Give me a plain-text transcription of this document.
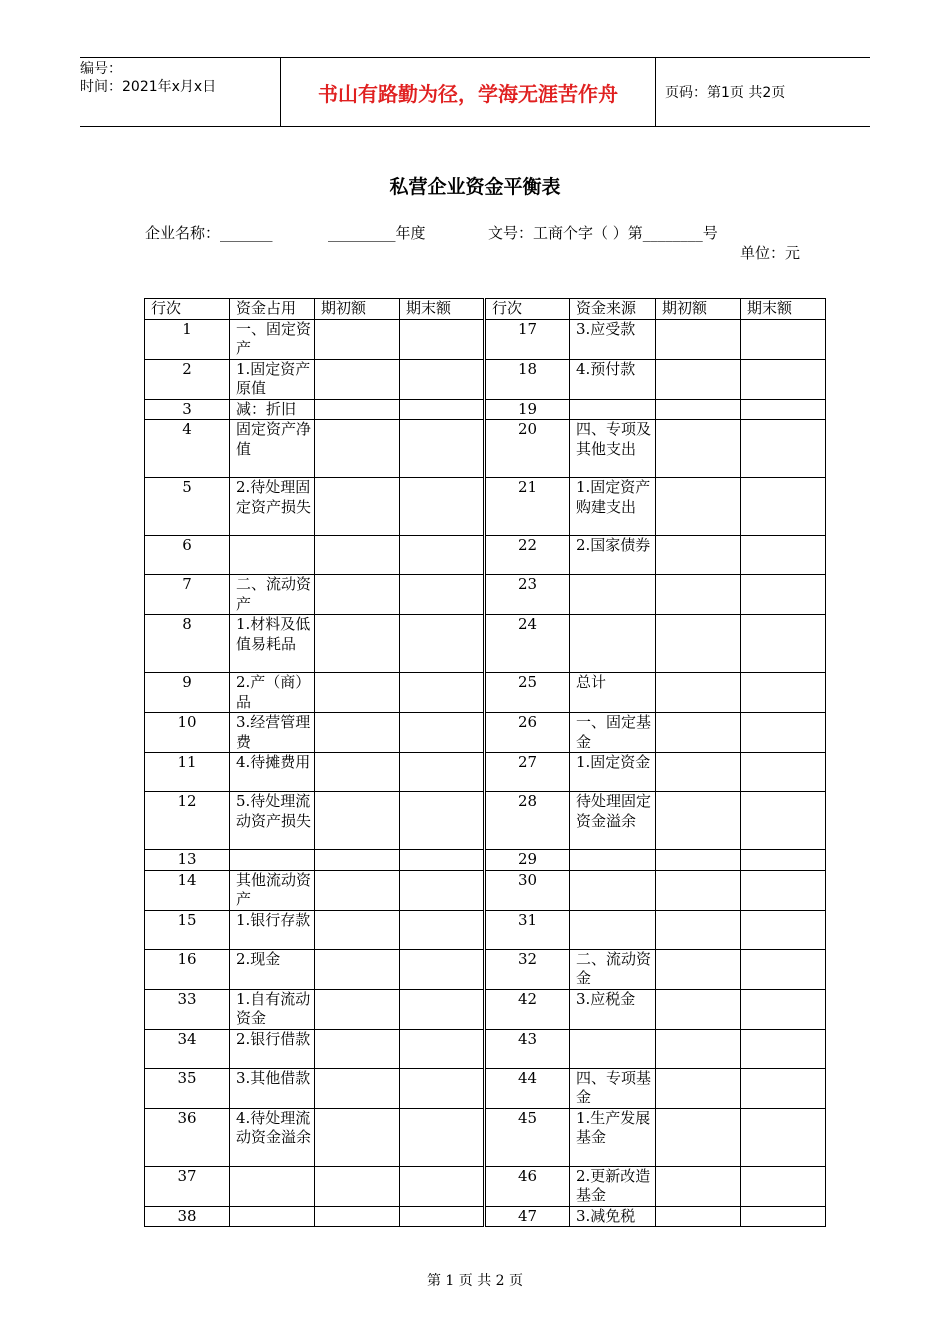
编号：
时间：2021年x月x日	书山有路勤为径，学海无涯苦作舟	页码：第1页 共2页
私营企业资金平衡表
企业名称：_______	_________年度	文号：工商个字（ ）第________号
单位：元
行次	资金占用	期初额	期末额	行次	资金来源	期初额	期末额
1	一、固定资产			17	3.应受款		
2	1.固定资产原值			18	4.预付款		
3	减：折旧			19			
4	固定资产净值			20	四、专项及其他支出		
5	2.待处理固定资产损失			21	1.固定资产购建支出		
6				22	2.国家债券		
7	二、流动资产			23			
8	1.材料及低值易耗品			24			
9	2.产（商）品			25	总计		
10	3.经营管理费			26	一、固定基金		
11	4.待摊费用			27	1.固定资金		
12	5.待处理流动资产损失			28	待处理固定资金溢余		
13				29			
14	其他流动资产			30			
15	1.银行存款			31			
16	2.现金			32	二、流动资金		
33	1.自有流动资金			42	3.应税金		
34	2.银行借款			43			
35	3.其他借款			44	四、专项基金		
36	4.待处理流动资金溢余			45	1.生产发展基金		
37				46	2.更新改造基金		
38				47	3.减免税		
第 1 页 共 2 页
